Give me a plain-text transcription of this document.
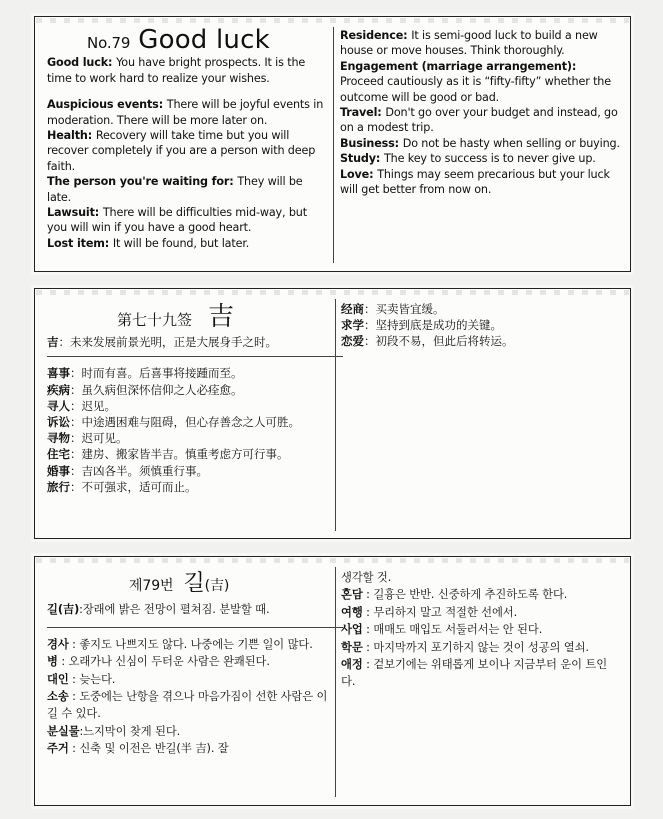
No.79 Good luck

Good luck: You have bright prospects. It is the time to work hard to realize your wishes.

Auspicious events: There will be joyful events in moderation. There will be more later on.

Health: Recovery will take time but you will recover completely if you are a person with deep faith.

The person you're waiting for: They will be late.

Lawsuit: There will be difficulties mid-way, but you will win if you have a good heart.

Lost item: It will be found, but later.

Residence: It is semi-good luck to build a new house or move houses. Think thoroughly.

Engagement (marriage arrangement): Proceed cautiously as it is “fifty-fifty” whether the outcome will be good or bad.

Travel: Don't go over your budget and instead, go on a modest trip.

Business: Do not be hasty when selling or buying.

Study: The key to success is to never give up.

Love: Things may seem precarious but your luck will get better from now on.

第七十九签 吉

吉：未来发展前景光明，正是大展身手之时。

喜事：时而有喜。后喜事将接踵而至。

疾病：虽久病但深怀信仰之人必痊愈。

寻人：迟见。

诉讼：中途遇困难与阻碍，但心存善念之人可胜。

寻物：迟可见。

住宅：建房、搬家皆半吉。慎重考虑方可行事。

婚事：吉凶各半。须慎重行事。

旅行：不可强求，适可而止。

经商：买卖皆宜缓。

求学：坚持到底是成功的关键。

恋爱：初段不易，但此后将转运。

제79번 길(吉)

길(吉):장래에 밝은 전망이 펼쳐짐. 분발할 때.

경사 : 좋지도 나쁘지도 않다. 나중에는 기쁜 일이 많다.

병 : 오래가나 신심이 두터운 사람은 완쾌된다.

대인 : 늦는다.

소송 : 도중에는 난항을 겪으나 마음가짐이 선한 사람은 이길 수 있다.

분실물:느지막이 찾게 된다.

주거 : 신축 및 이전은 반길(半 吉). 잘

생각할 것.

혼담 : 길흉은 반반. 신중하게 추진하도록 한다.

여행 : 무리하지 말고 적절한 선에서.

사업 : 매매도 매입도 서둘러서는 안 된다.

학문 : 마지막까지 포기하지 않는 것이 성공의 열쇠.

애정 : 겉보기에는 위태롭게 보이나 지금부터 운이 트인다.
